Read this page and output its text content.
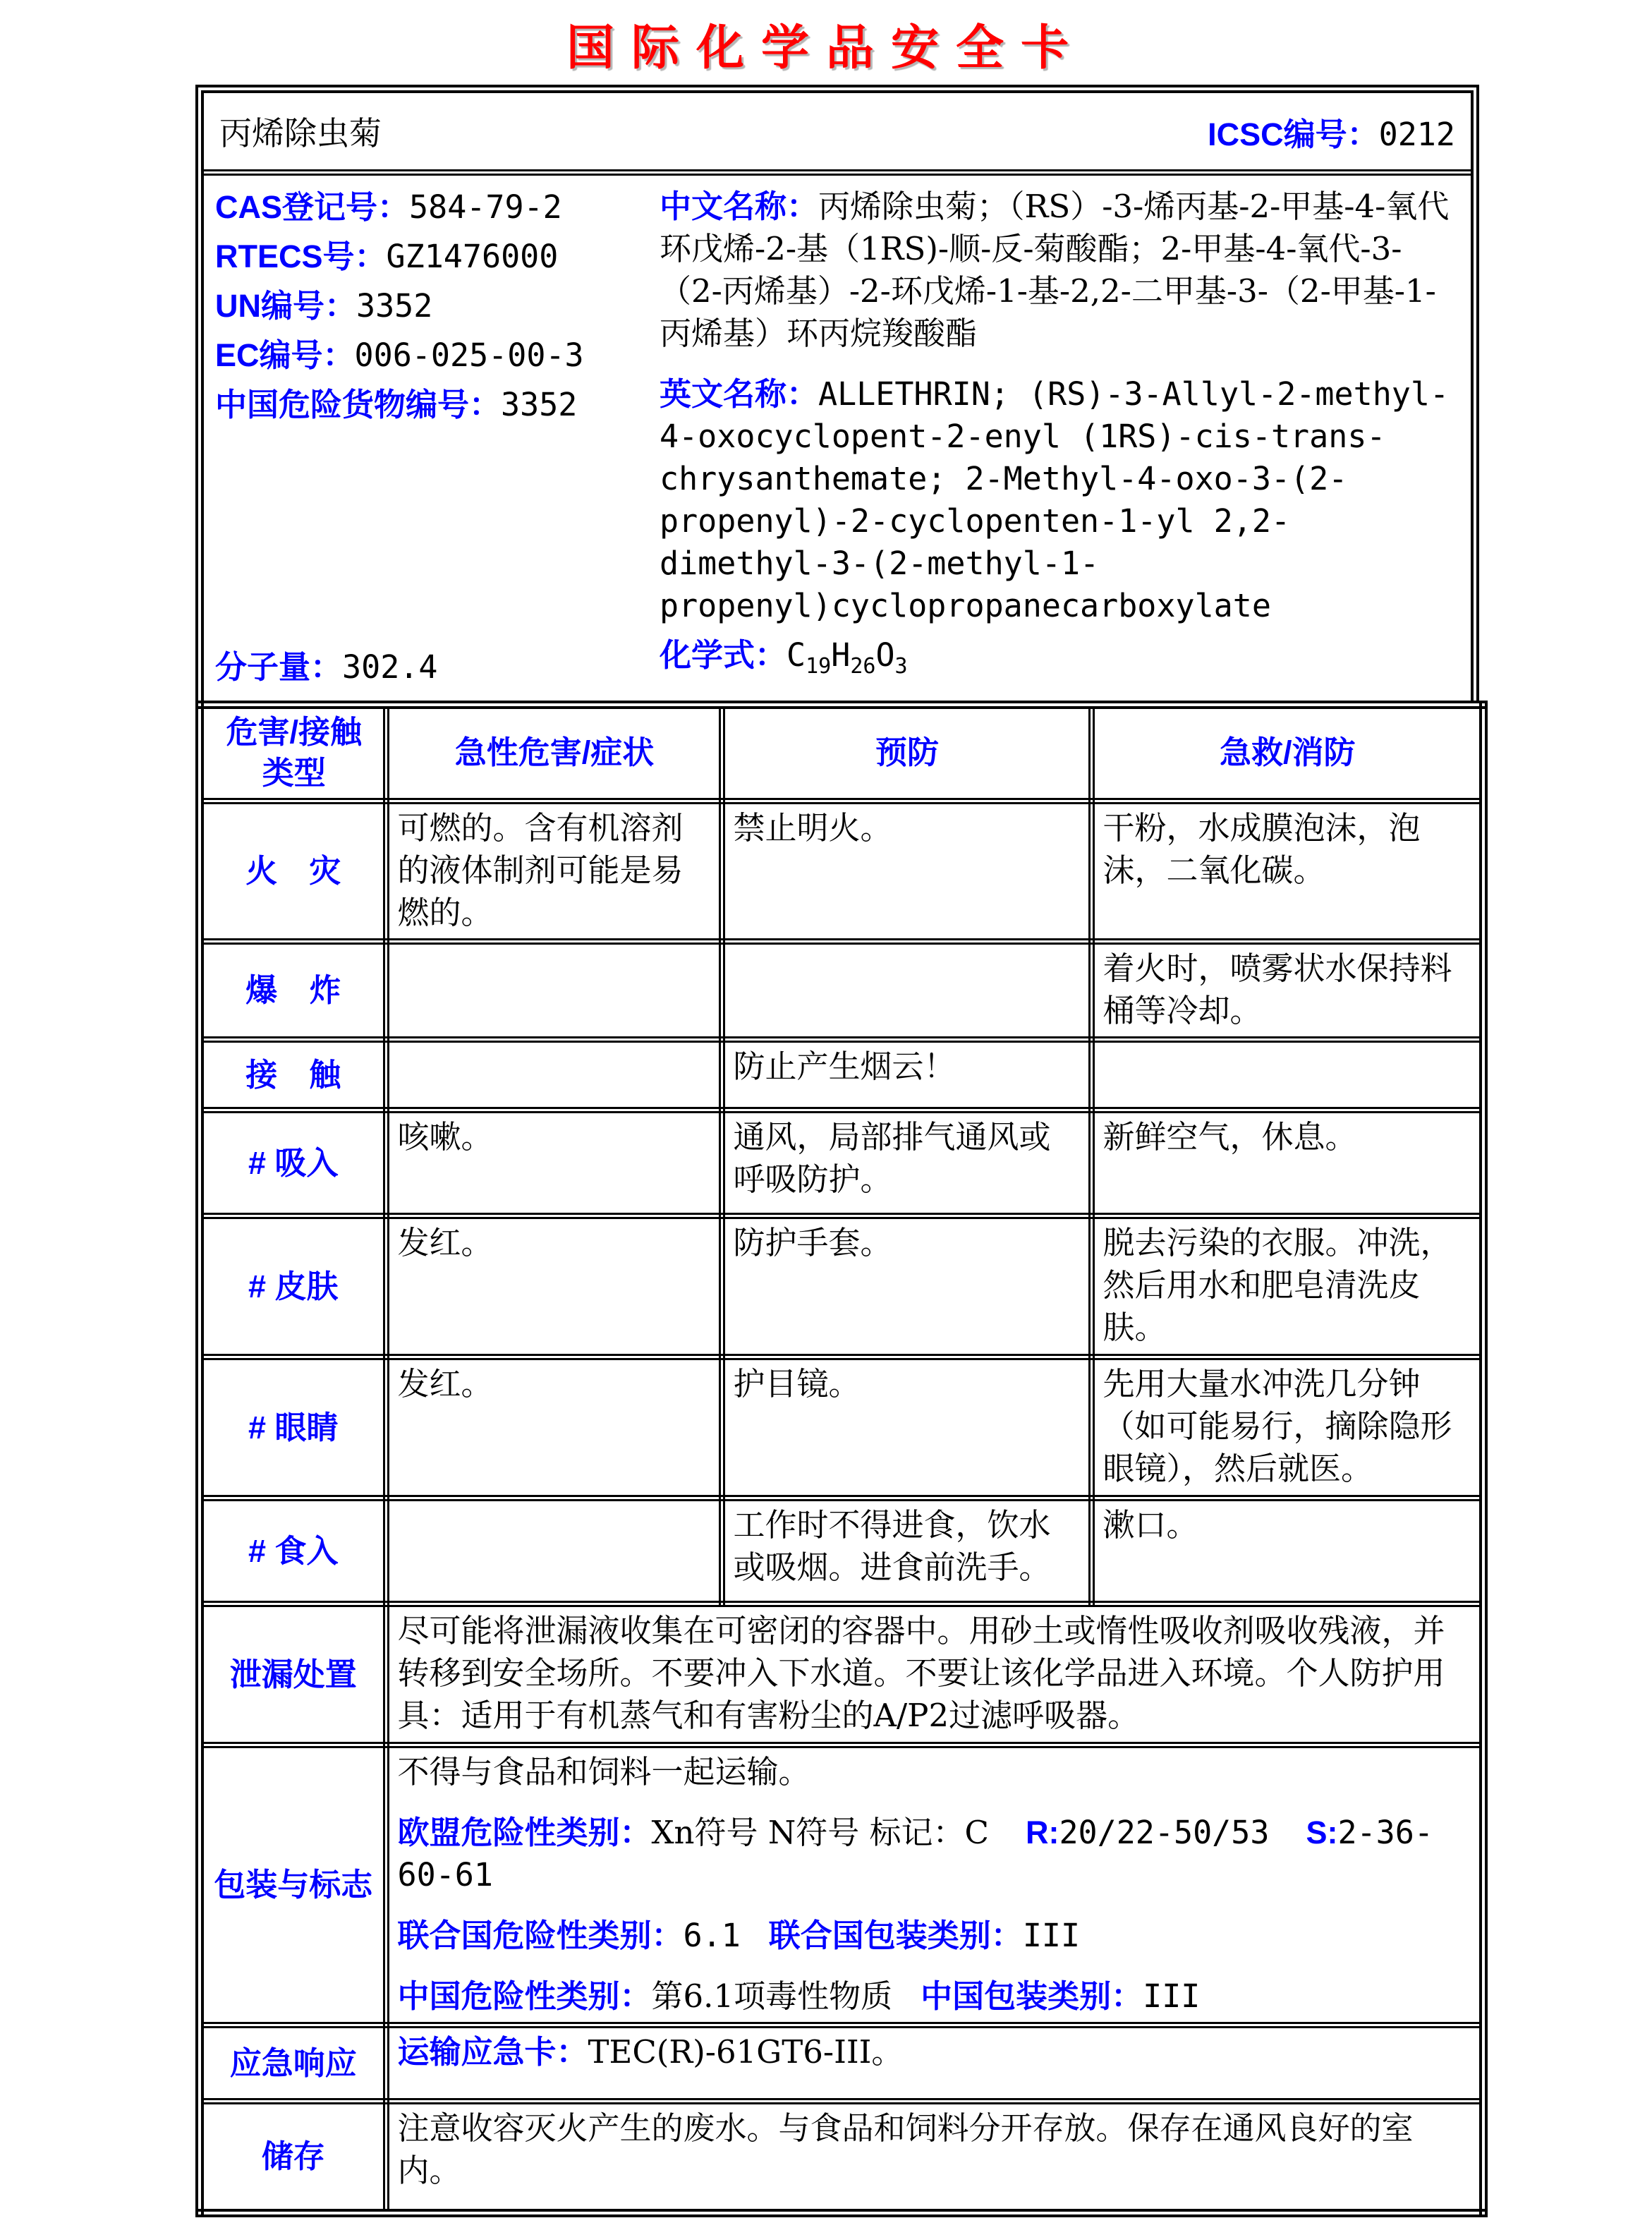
国际化学品安全卡
丙烯除虫菊	ICSC编号：0212
CAS登记号：584-79-2
RTECS号：GZ1476000
UN编号：3352
EC编号：006-025-00-3
中国危险货物编号：3352
分子量：302.4

中文名称：丙烯除虫菊；（RS）-3-烯丙基-2-甲基-4-氧代环戊烯-2-基（1RS)-顺-反-菊酸酯；2-甲基-4-氧代-3-（2-丙烯基）-2-环戊烯-1-基-2,2-二甲基-3-（2-甲基-1-丙烯基）环丙烷羧酸酯

英文名称：ALLETHRIN; (RS)-3-Allyl-2-methyl-4-oxocyclopent-2-enyl (1RS)-cis-trans-chrysanthemate; 2-Methyl-4-oxo-3-(2-propenyl)-2-cyclopenten-1-yl 2,2-dimethyl-3-(2-methyl-1-propenyl)cyclopropanecarboxylate

化学式：$C_{19}H_{26}O_3$
危害/接触
类型	急性危害/症状	预防	急救/消防
火　灾	可燃的。含有机溶剂的液体制剂可能是易燃的。	禁止明火。	干粉，水成膜泡沫，泡沫，二氧化碳。
爆　炸			着火时，喷雾状水保持料桶等冷却。
接　触		防止产生烟云！	
# 吸入	咳嗽。	通风，局部排气通风或呼吸防护。	新鲜空气，休息。
# 皮肤	发红。	防护手套。	脱去污染的衣服。冲洗，然后用水和肥皂清洗皮肤。
# 眼睛	发红。	护目镜。	先用大量水冲洗几分钟（如可能易行，摘除隐形眼镜），然后就医。
# 食入		工作时不得进食，饮水或吸烟。进食前洗手。	漱口。
泄漏处置	尽可能将泄漏液收集在可密闭的容器中。用砂土或惰性吸收剂吸收残液，并转移到安全场所。不要冲入下水道。不要让该化学品进入环境。个人防护用具：适用于有机蒸气和有害粉尘的A/P2过滤呼吸器。		
包装与标志	不得与食品和饲料一起运输。

欧盟危险性类别：Xn符号 N符号 标记：C R:20/22-50/53 S:2-36-60-61

联合国危险性类别：6.1 联合国包装类别：III

中国危险性类别：第6.1项毒性物质 中国包装类别：III		

应急响应	运输应急卡：TEC(R)-61GT6-III。		
储存	注意收容灭火产生的废水。与食品和饲料分开存放。保存在通风良好的室内。		
